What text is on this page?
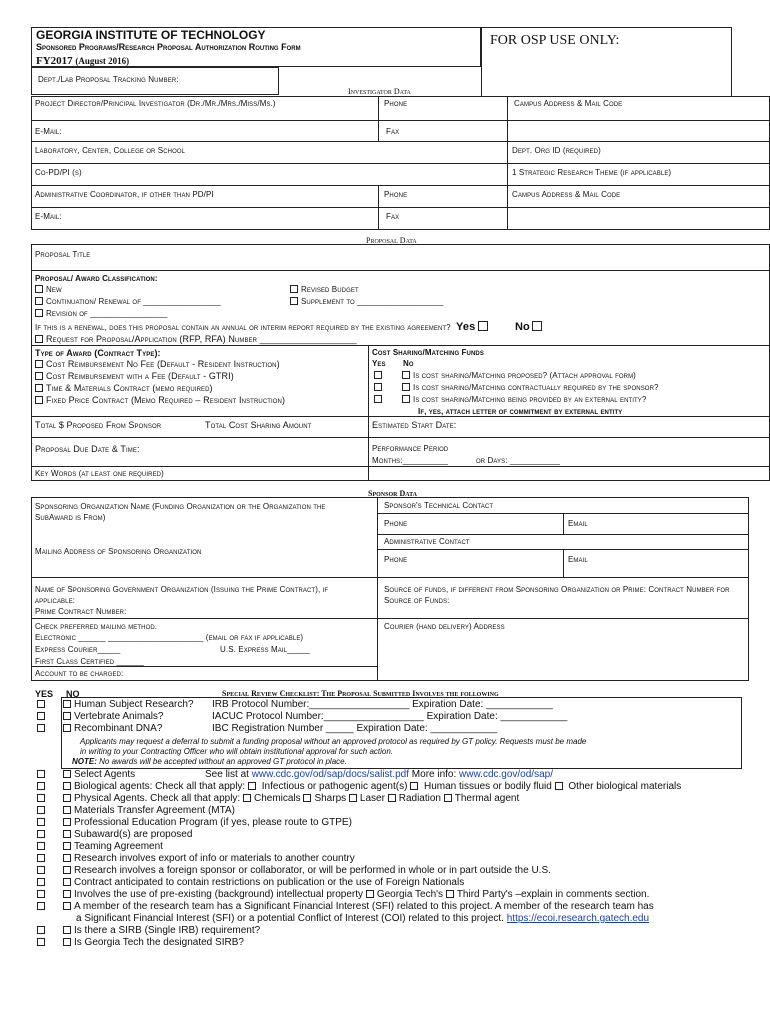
GEORGIA INSTITUTE OF TECHNOLOGY
Sponsored Programs/Research Proposal Authorization Routing Form
FY2017 (August 2016)
Dept./Lab Proposal Tracking Number:
FOR OSP USE ONLY:
Investigator Data
Project Director/Principal Investigator (Dr./Mr./Mrs./Miss/Ms.)	Phone	Campus Address & Mail Code
E-Mail:	Fax
Laboratory, Center, College or School	Dept. Org ID (required)
Co-PD/PI (s)	1 Strategic Research Theme (if applicable)
Administrative Coordinator, if other than PD/PI	Phone	Campus Address & Mail Code
E-Mail:	Fax
Proposal Data
Proposal Title
Proposal/ Award Classification:
New	Revised Budget
Continuation/ Renewal of _________________	Supplement to ___________________
Revision of _________________
If this is a renewal, does this proposal contain an annual or interim report required by the existing agreement? Yes	No
Request for Proposal/Application (RFP, RFA) Number ___________________
Type of Award (Contract Type):
Cost Reimbursement No Fee (Default - Resident Instruction)
Cost Reimbursement with a Fee (Default - GTRI)
Time & Materials Contract (memo required)
Fixed Price Contract (Memo Required – Resident Instruction)
Cost Sharing/Matching Funds
Yes No
Is cost sharing/Matching proposed? (Attach approval form)
Is cost sharing/Matching contractually required by the sponsor?
Is cost sharing/Matching being provided by an external entity?
If, yes, attach letter of commitment by external entity
Total $ Proposed From Sponsor	Total Cost Sharing Amount	Estimated Start Date:
Proposal Due Date & Time:	Performance Period
Months:__________	or Days: ___________
Key Words (at least one required)
Sponsor Data
Sponsoring Organization Name (Funding Organization or the Organization the SubAward is From)
Sponsor's Technical Contact
Phone	Email
Administrative Contact
Phone	Email
Mailing Address of Sponsoring Organization
Name of Sponsoring Government Organization (Issuing the Prime Contract), if applicable:
Prime Contract Number:
Source of funds, if different from Sponsoring Organization or Prime: Contract Number for Source of Funds:
Check preferred mailing method.
Electronic ______ _____________________ (email or fax if applicable)
Express Courier_____	U.S. Express Mail_____
First Class Certified ______
Courier (hand delivery) Address
Account to be charged:
YES NO	Special Review Checklist: The Proposal Submitted Involves the following
Human Subject Research? IRB Protocol Number:__________________ Expiration Date: ____________
Vertebrate Animals?	IACUC Protocol Number:__________________ Expiration Date: ____________
Recombinant DNA?	IBC Registration Number _____ Expiration Date: ____________
Applicants may request a deferral to submit a funding proposal without an approved protocol as required by GT policy. Requests must be made
in writing to your Contracting Officer who will obtain institutional approval for such action.
NOTE: No awards will be accepted without an approved GT protocol in place.
Select Agents	See list at www.cdc.gov/od/sap/docs/salist.pdf More info: www.cdc.gov/od/sap/
Biological agents: Check all that apply: Infectious or pathogenic agent(s) Human tissues or bodily fluid Other biological materials
Physical Agents. Check all that apply: Chemicals Sharps Laser Radiation Thermal agent
Materials Transfer Agreement (MTA)
Professional Education Program (if yes, please route to GTPE)
Subaward(s) are proposed
Teaming Agreement
Research involves export of info or materials to another country
Research involves a foreign sponsor or collaborator, or will be performed in whole or in part outside the U.S.
Contract anticipated to contain restrictions on publication or the use of Foreign Nationals
Involves the use of pre-existing (background) intellectual property Georgia Tech's Third Party's –explain in comments section.
A member of the research team has a Significant Financial Interest (SFI) related to this project. A member of the research team has
a Significant Financial Interest (SFI) or a potential Conflict of Interest (COI) related to this project. https://ecoi.research.gatech.edu
Is there a SIRB (Single IRB) requirement?
Is Georgia Tech the designated SIRB?
